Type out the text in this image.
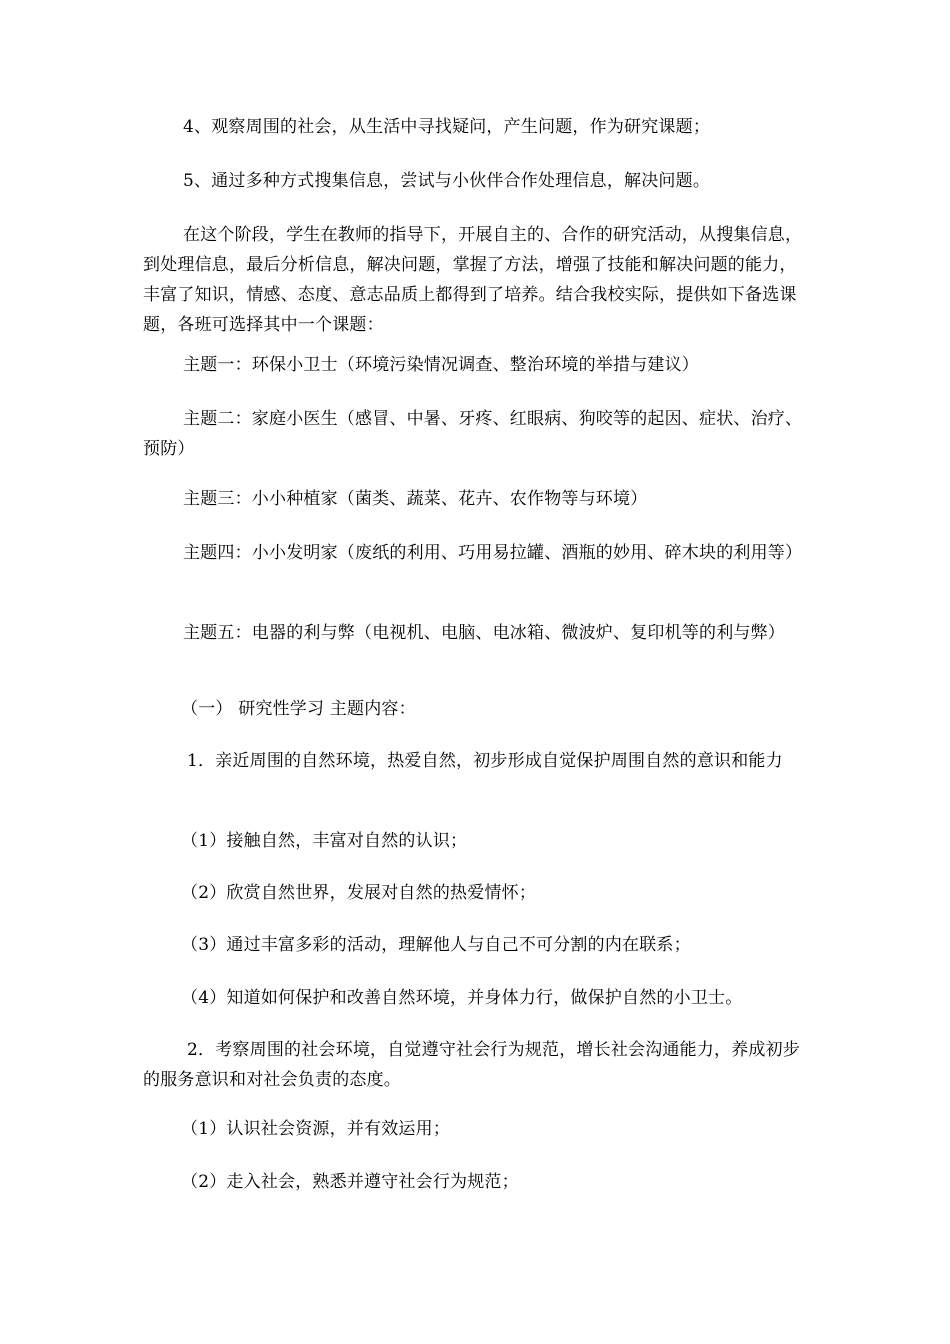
4、观察周围的社会，从生活中寻找疑问，产生问题，作为研究课题；

5、通过多种方式搜集信息，尝试与小伙伴合作处理信息，解决问题。

在这个阶段，学生在教师的指导下，开展自主的、合作的研究活动，从搜集信息，到处理信息，最后分析信息，解决问题，掌握了方法，增强了技能和解决问题的能力，丰富了知识，情感、态度、意志品质上都得到了培养。结合我校实际，提供如下备选课题，各班可选择其中一个课题：

主题一：环保小卫士（环境污染情况调查、整治环境的举措与建议）

主题二：家庭小医生（感冒、中暑、牙疼、红眼病、狗咬等的起因、症状、治疗、预防）

主题三：小小种植家（菌类、蔬菜、花卉、农作物等与环境）

主题四：小小发明家（废纸的利用、巧用易拉罐、酒瓶的妙用、碎木块的利用等）

主题五：电器的利与弊（电视机、电脑、电冰箱、微波炉、复印机等的利与弊）

（一） 研究性学习 主题内容：

1．亲近周围的自然环境，热爱自然，初步形成自觉保护周围自然的意识和能力

（1）接触自然，丰富对自然的认识；

（2）欣赏自然世界，发展对自然的热爱情怀；

（3）通过丰富多彩的活动，理解他人与自己不可分割的内在联系；

（4）知道如何保护和改善自然环境，并身体力行，做保护自然的小卫士。

2．考察周围的社会环境，自觉遵守社会行为规范，增长社会沟通能力，养成初步的服务意识和对社会负责的态度。

（1）认识社会资源，并有效运用；

（2）走入社会，熟悉并遵守社会行为规范；
